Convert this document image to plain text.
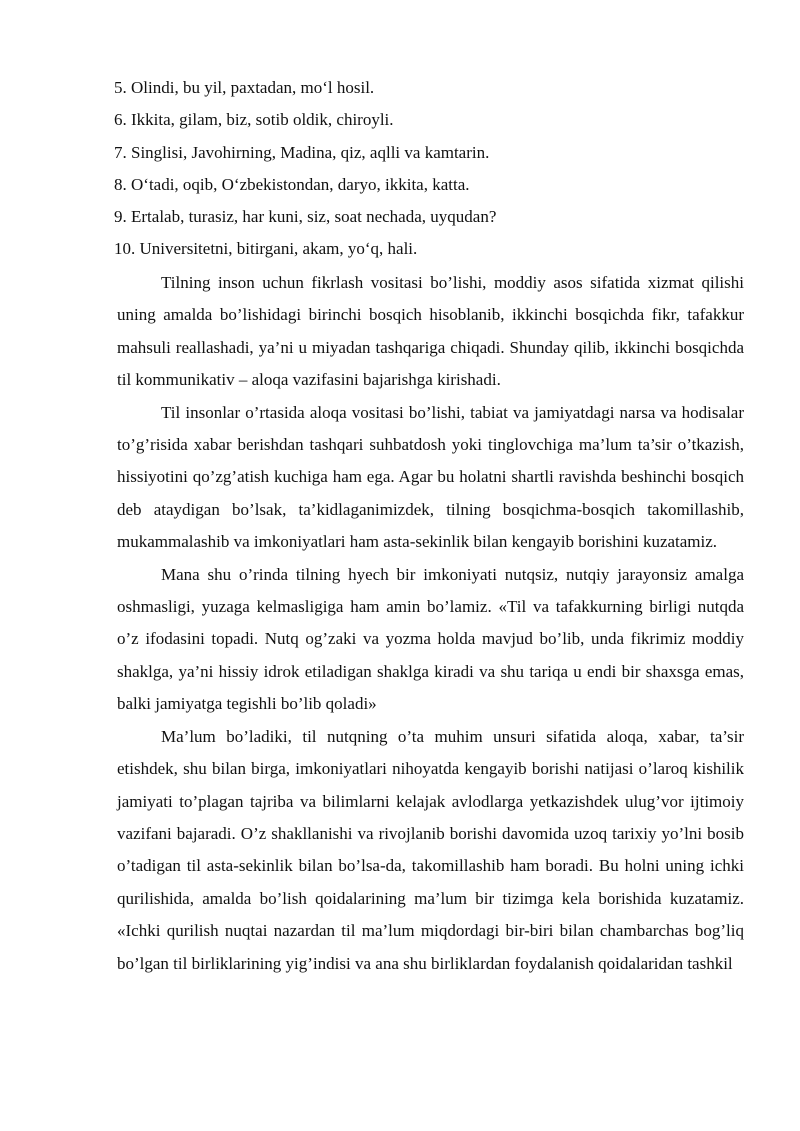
5. Olindi, bu yil, paxtadan, mo‘l hosil.
6. Ikkita, gilam, biz, sotib oldik, chiroyli.
7. Singlisi, Javohirning, Madina, qiz, aqlli va kamtarin.
8. O‘tadi, oqib, O‘zbekistondan, daryo, ikkita, katta.
9. Ertalab, turasiz, har kuni, siz, soat nechada, uyqudan?
10. Universitetni, bitirgani, akam, yo‘q, hali.

Tilning inson uchun fikrlash vositasi bo’lishi, moddiy asos sifatida xizmat qilishi uning amalda bo’lishidagi birinchi bosqich hisoblanib, ikkinchi bosqichda fikr, tafakkur mahsuli reallashadi, ya’ni u miyadan tashqariga chiqadi. Shunday qilib, ikkinchi bosqichda til kommunikativ – aloqa vazifasini bajarishga kirishadi.

Til insonlar o’rtasida aloqa vositasi bo’lishi, tabiat va jamiyatdagi narsa va hodisalar to’g’risida xabar berishdan tashqari suhbatdosh yoki tinglovchiga ma’lum ta’sir o’tkazish, hissiyotini qo’zg’atish kuchiga ham ega. Agar bu holatni shartli ravishda beshinchi bosqich deb ataydigan bo’lsak, ta’kidlaganimizdek, tilning bosqichma-bosqich takomillashib, mukammalashib va imkoniyatlari ham asta-sekinlik bilan kengayib borishini kuzatamiz.

Mana shu o’rinda tilning hyech bir imkoniyati nutqsiz, nutqiy jarayonsiz amalga oshmasligi, yuzaga kelmasligiga ham amin bo’lamiz. «Til va tafakkurning birligi nutqda o’z ifodasini topadi. Nutq og’zaki va yozma holda mavjud bo’lib, unda fikrimiz moddiy shaklga, ya’ni hissiy idrok etiladigan shaklga kiradi va shu tariqa u endi bir shaxsga emas, balki jamiyatga tegishli bo’lib qoladi»

Ma’lum bo’ladiki, til nutqning o’ta muhim unsuri sifatida aloqa, xabar, ta’sir etishdek, shu bilan birga, imkoniyatlari nihoyatda kengayib borishi natijasi o’laroq kishilik jamiyati to’plagan tajriba va bilimlarni kelajak avlodlarga yetkazishdek ulug’vor ijtimoiy vazifani bajaradi. O’z shakllanishi va rivojlanib borishi davomida uzoq tarixiy yo’lni bosib o’tadigan til asta-sekinlik bilan bo’lsa-da, takomillashib ham boradi. Bu holni uning ichki qurilishida, amalda bo’lish qoidalarining ma’lum bir tizimga kela borishida kuzatamiz. «Ichki qurilish nuqtai nazardan til ma’lum miqdordagi bir-biri bilan chambarchas bog’liq bo’lgan til birliklarining yig’indisi va ana shu birliklardan foydalanish qoidalaridan tashkil
